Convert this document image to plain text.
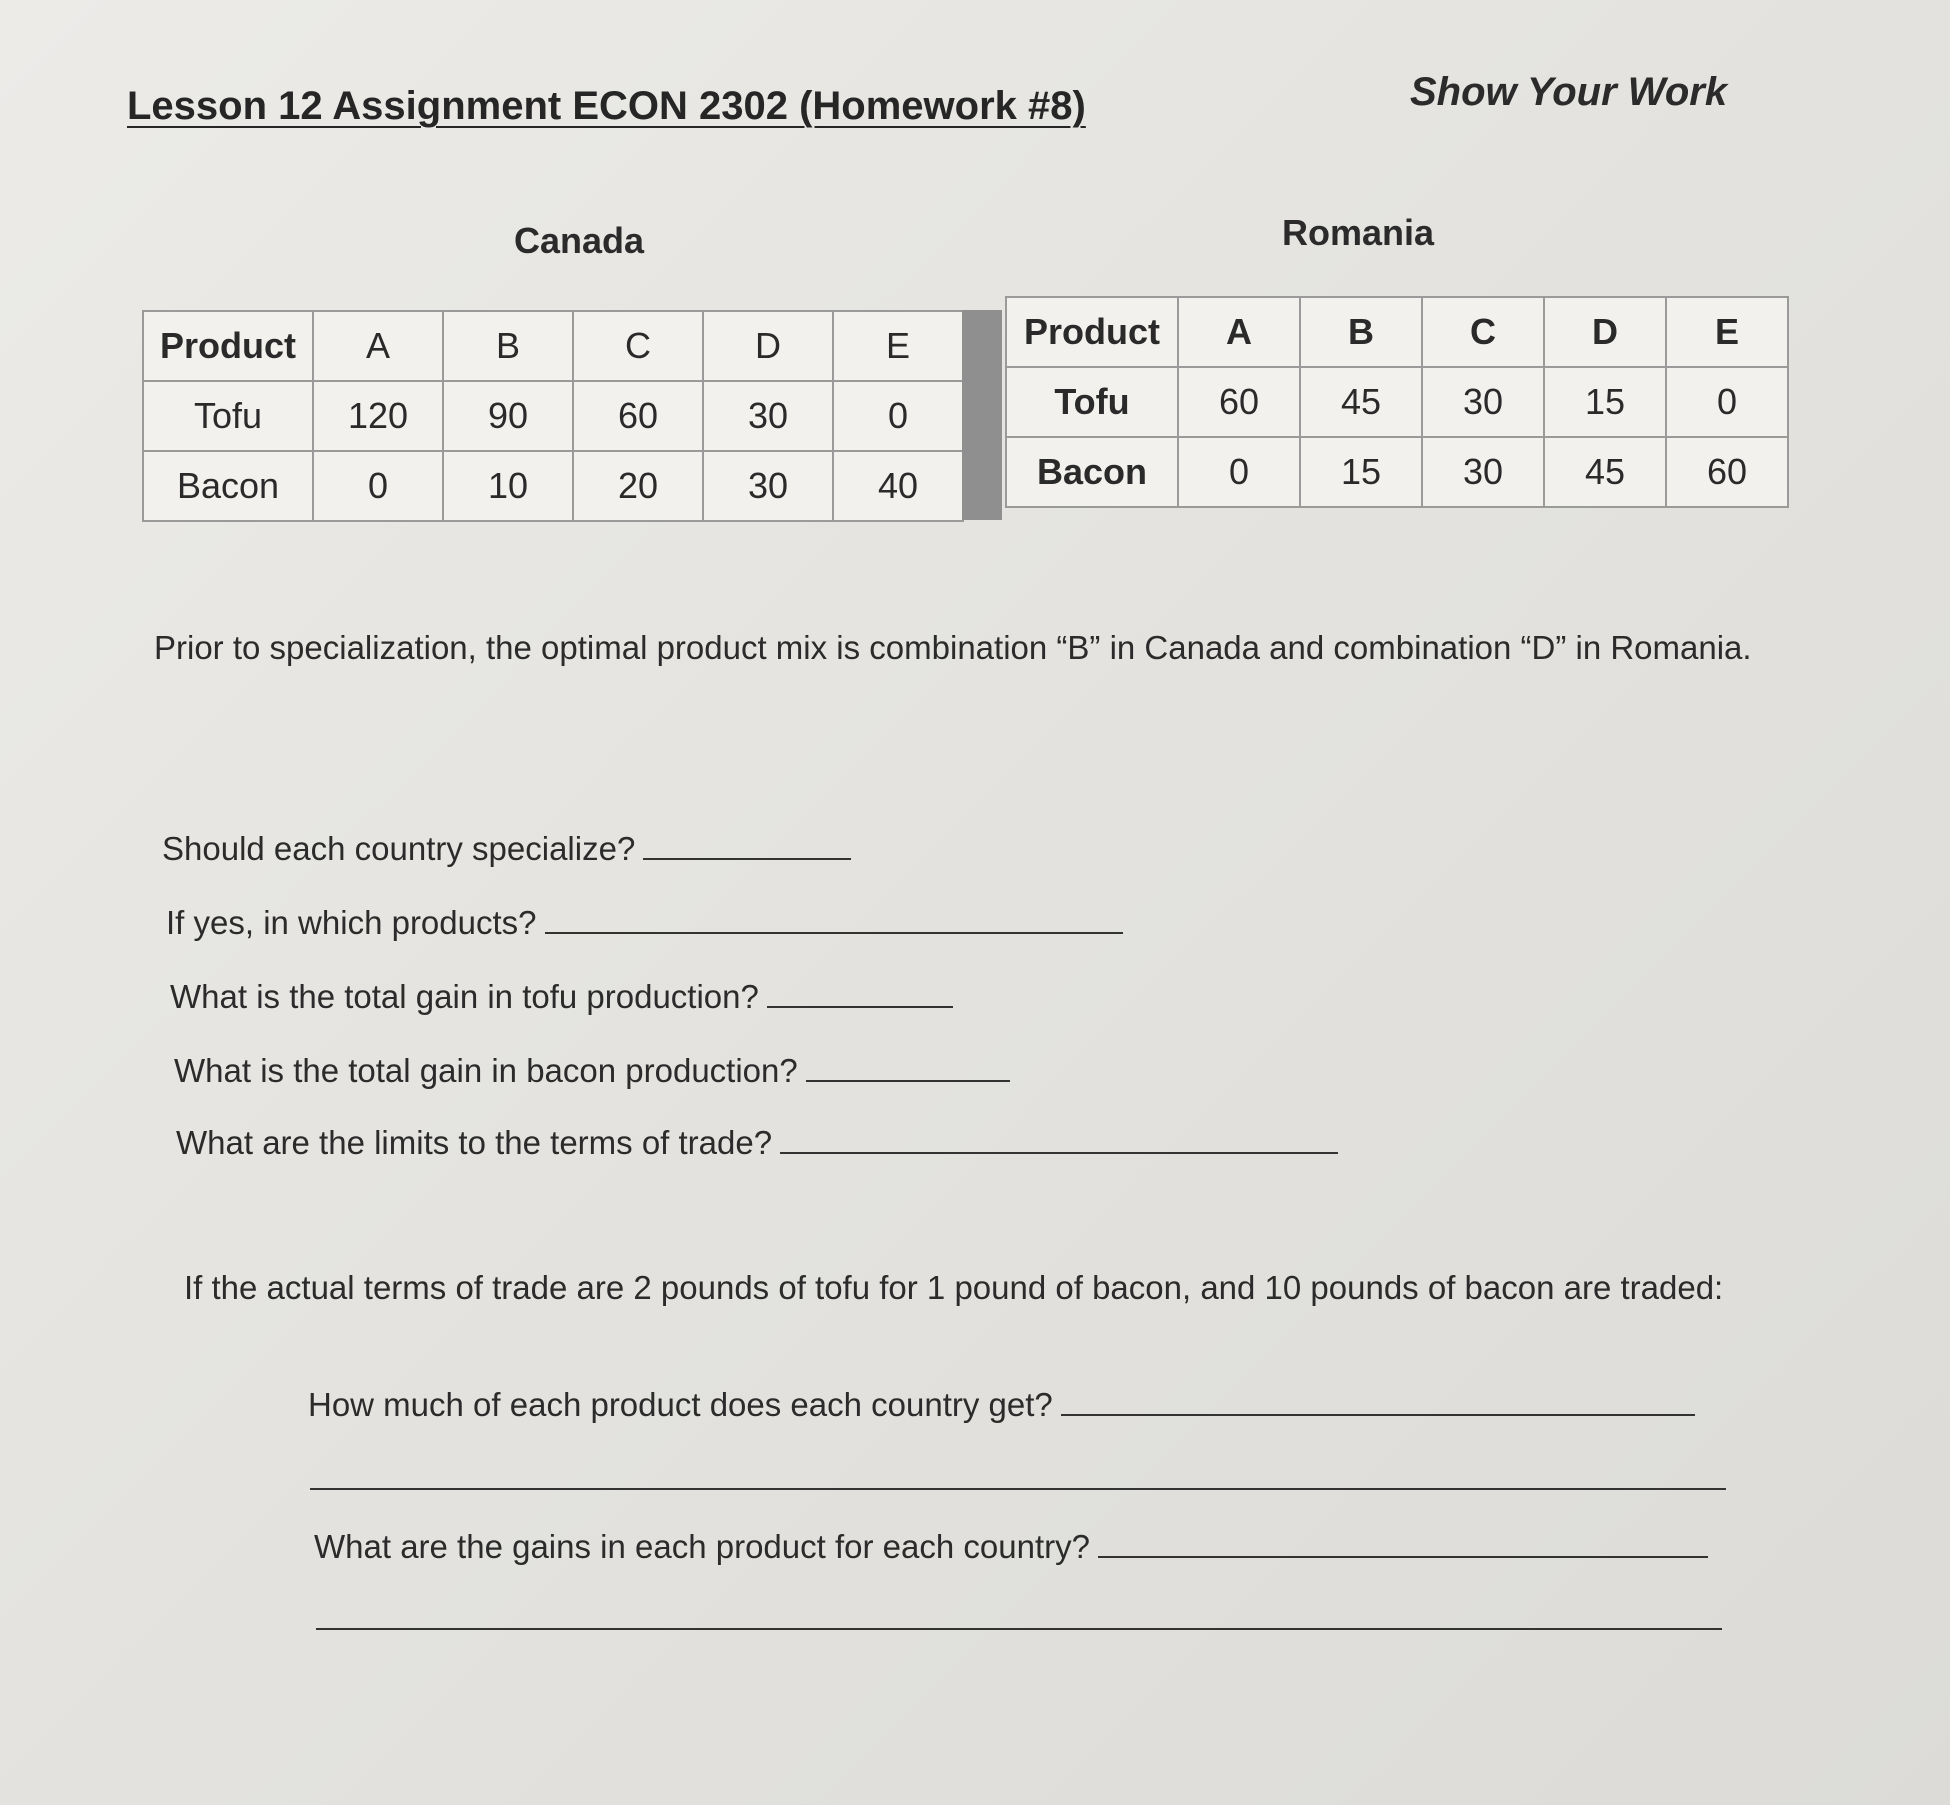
Lesson 12 Assignment ECON 2302 (Homework #8)	Show Your Work
Canada	Romania
Product	A	B	C	D	E
Tofu	120	90	60	30	0
Bacon	0	10	20	30	40
Product	A	B	C	D	E
Tofu	60	45	30	15	0
Bacon	0	15	30	45	60
Prior to specialization, the optimal product mix is combination “B” in Canada and combination “D” in Romania.
Should each country specialize?
If yes, in which products?
What is the total gain in tofu production?
What is the total gain in bacon production?
What are the limits to the terms of trade?
If the actual terms of trade are 2 pounds of tofu for 1 pound of bacon, and 10 pounds of bacon are traded:
How much of each product does each country get?
What are the gains in each product for each country?
